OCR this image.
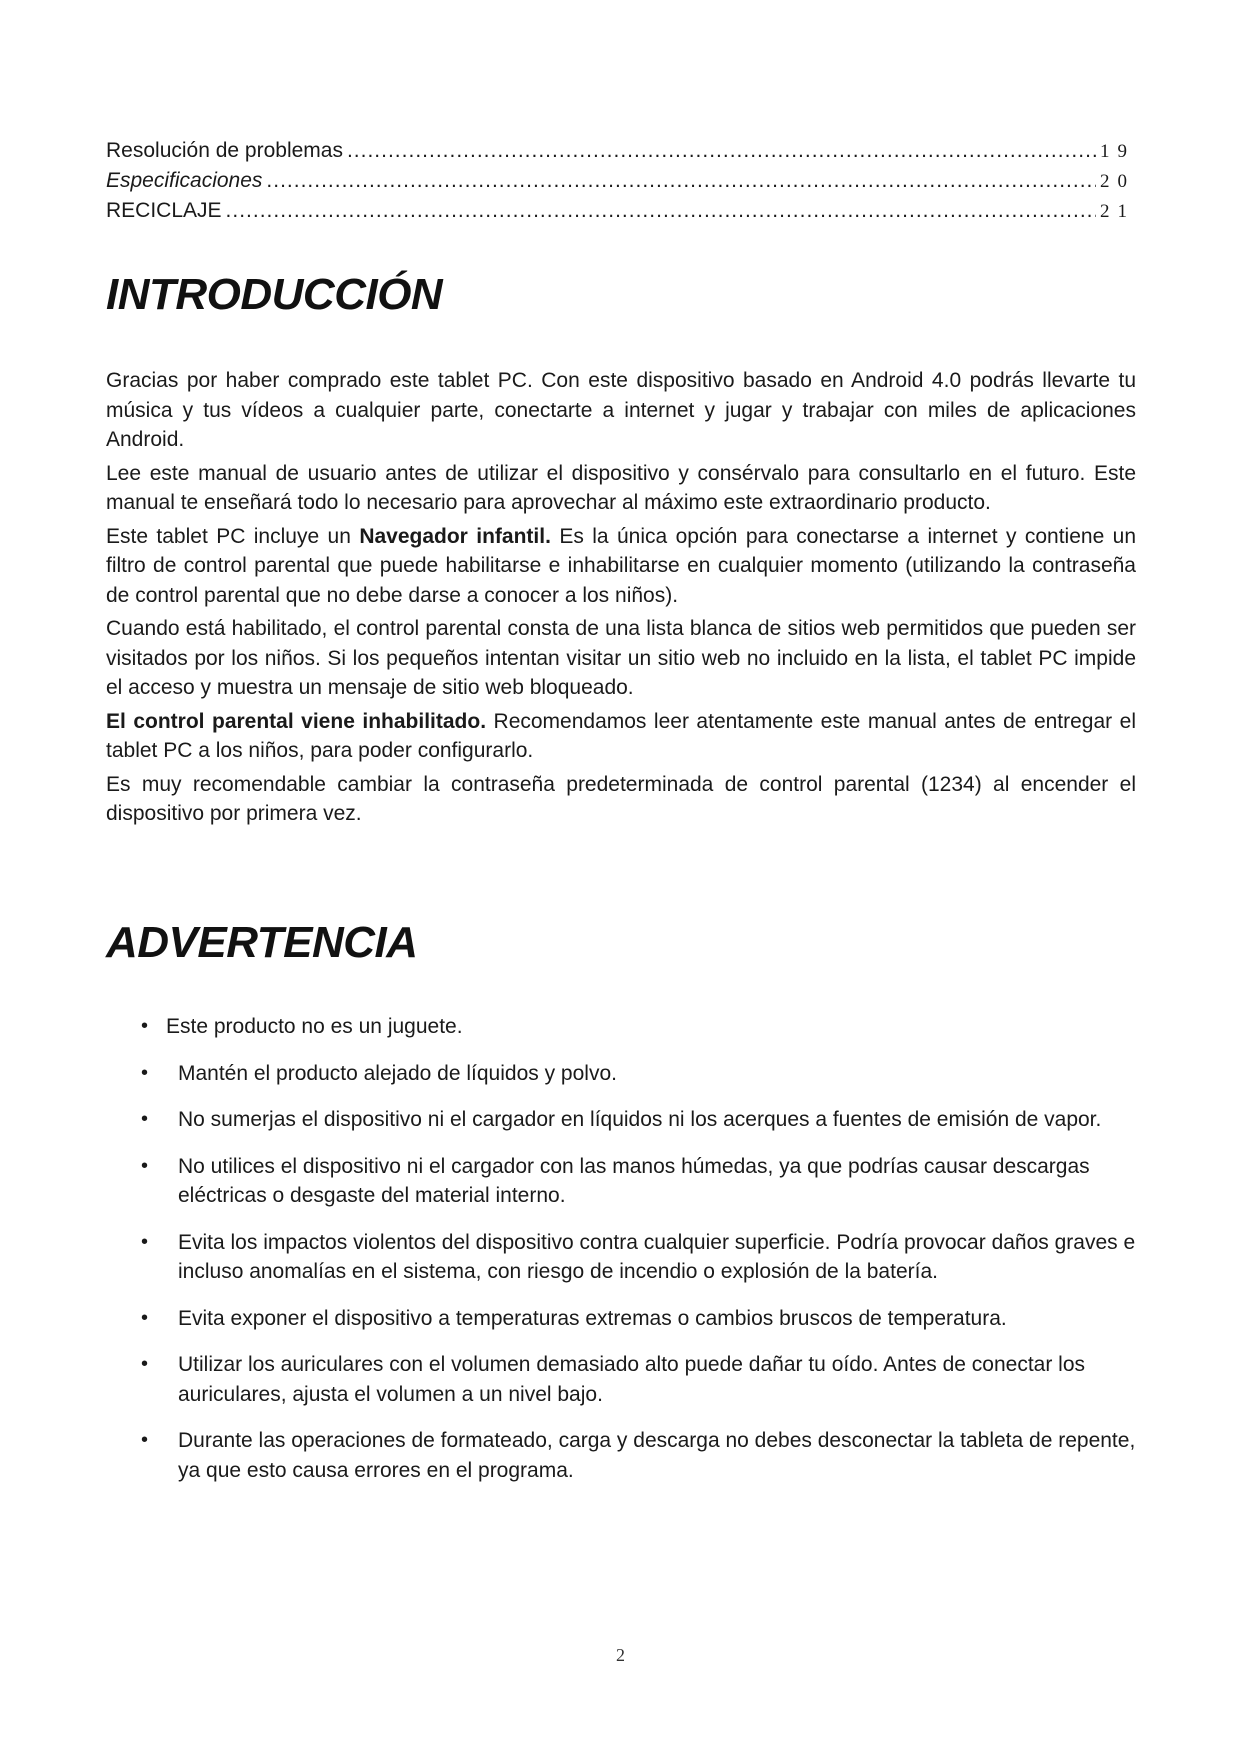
Resolución de problemas .....	19
Especificaciones .....	20
RECICLAJE .....	21
INTRODUCCIÓN

Gracias por haber comprado este tablet PC. Con este dispositivo basado en Android 4.0 podrás llevarte tu música y tus vídeos a cualquier parte, conectarte a internet y jugar y trabajar con miles de aplicaciones Android.

Lee este manual de usuario antes de utilizar el dispositivo y consérvalo para consultarlo en el futuro. Este manual te enseñará todo lo necesario para aprovechar al máximo este extraordinario producto.

Este tablet PC incluye un Navegador infantil. Es la única opción para conectarse a internet y contiene un filtro de control parental que puede habilitarse e inhabilitarse en cualquier momento (utilizando la contraseña de control parental que no debe darse a conocer a los niños).

Cuando está habilitado, el control parental consta de una lista blanca de sitios web permitidos que pueden ser visitados por los niños. Si los pequeños intentan visitar un sitio web no incluido en la lista, el tablet PC impide el acceso y muestra un mensaje de sitio web bloqueado.

El control parental viene inhabilitado. Recomendamos leer atentamente este manual antes de entregar el tablet PC a los niños, para poder configurarlo.

Es muy recomendable cambiar la contraseña predeterminada de control parental (1234) al encender el dispositivo por primera vez.

ADVERTENCIA
• Este producto no es un juguete.
• Mantén el producto alejado de líquidos y polvo.
• No sumerjas el dispositivo ni el cargador en líquidos ni los acerques a fuentes de emisión de vapor.
• No utilices el dispositivo ni el cargador con las manos húmedas, ya que podrías causar descargas eléctricas o desgaste del material interno.
• Evita los impactos violentos del dispositivo contra cualquier superficie. Podría provocar daños graves e incluso anomalías en el sistema, con riesgo de incendio o explosión de la batería.
• Evita exponer el dispositivo a temperaturas extremas o cambios bruscos de temperatura.
• Utilizar los auriculares con el volumen demasiado alto puede dañar tu oído. Antes de conectar los auriculares, ajusta el volumen a un nivel bajo.
• Durante las operaciones de formateado, carga y descarga no debes desconectar la tableta de repente, ya que esto causa errores en el programa.
2
